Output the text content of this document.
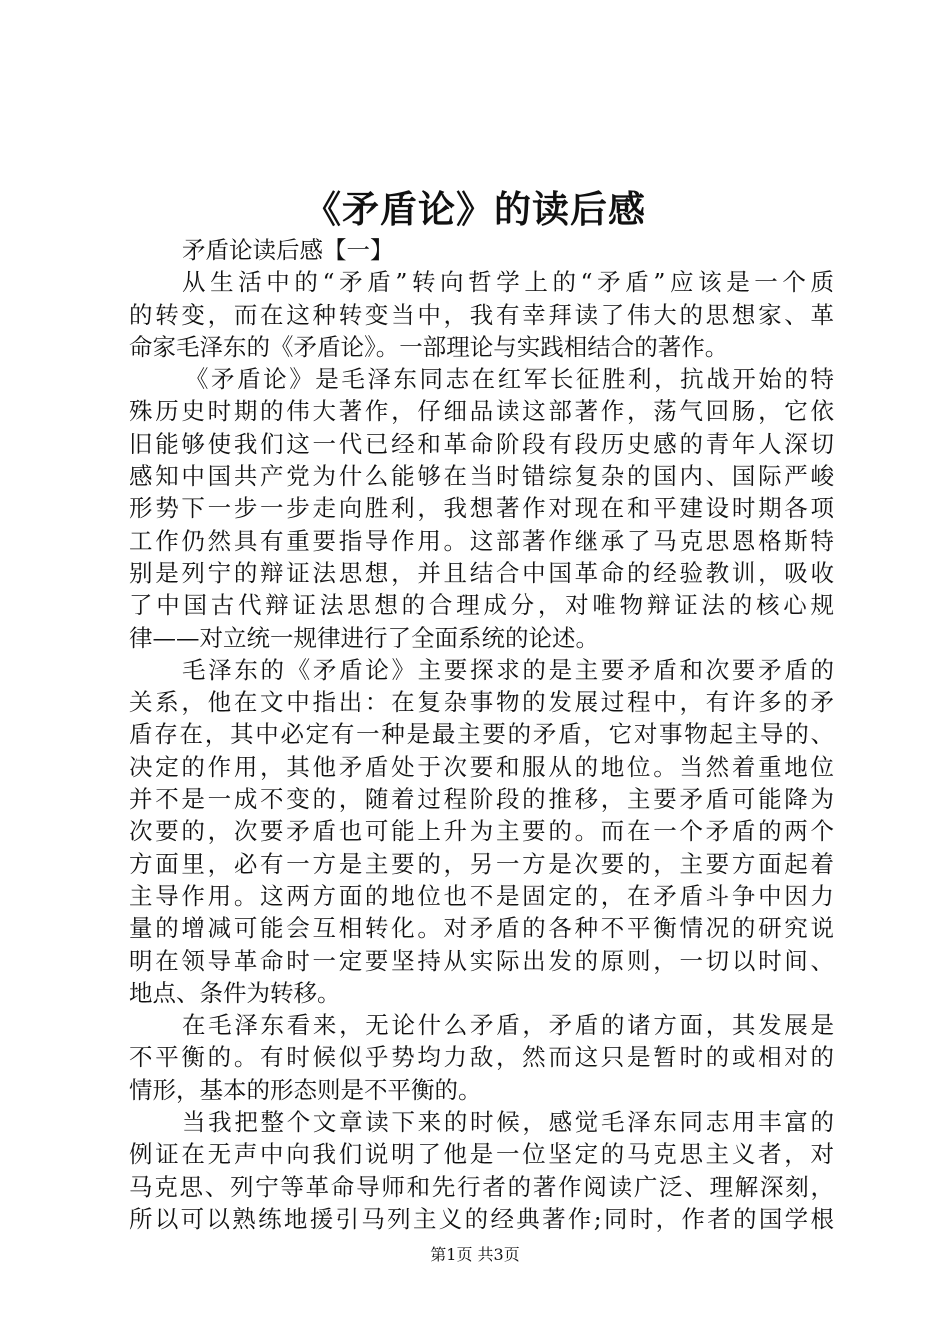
《矛盾论》的读后感
矛盾论读后感【一】
从生活中的“矛盾”转向哲学上的“矛盾”应该是一个质
的转变，而在这种转变当中，我有幸拜读了伟大的思想家、革
命家毛泽东的《矛盾论》。一部理论与实践相结合的著作。
《矛盾论》是毛泽东同志在红军长征胜利，抗战开始的特
殊历史时期的伟大著作，仔细品读这部著作，荡气回肠，它依
旧能够使我们这一代已经和革命阶段有段历史感的青年人深切
感知中国共产党为什么能够在当时错综复杂的国内、国际严峻
形势下一步一步走向胜利，我想著作对现在和平建设时期各项
工作仍然具有重要指导作用。这部著作继承了马克思恩格斯特
别是列宁的辩证法思想，并且结合中国革命的经验教训，吸收
了中国古代辩证法思想的合理成分，对唯物辩证法的核心规
律——对立统一规律进行了全面系统的论述。
毛泽东的《矛盾论》主要探求的是主要矛盾和次要矛盾的
关系，他在文中指出：在复杂事物的发展过程中，有许多的矛
盾存在，其中必定有一种是最主要的矛盾，它对事物起主导的、
决定的作用，其他矛盾处于次要和服从的地位。当然着重地位
并不是一成不变的，随着过程阶段的推移，主要矛盾可能降为
次要的，次要矛盾也可能上升为主要的。而在一个矛盾的两个
方面里，必有一方是主要的，另一方是次要的，主要方面起着
主导作用。这两方面的地位也不是固定的，在矛盾斗争中因力
量的增减可能会互相转化。对矛盾的各种不平衡情况的研究说
明在领导革命时一定要坚持从实际出发的原则，一切以时间、
地点、条件为转移。
在毛泽东看来，无论什么矛盾，矛盾的诸方面，其发展是
不平衡的。有时候似乎势均力敌，然而这只是暂时的或相对的
情形，基本的形态则是不平衡的。
当我把整个文章读下来的时候，感觉毛泽东同志用丰富的
例证在无声中向我们说明了他是一位坚定的马克思主义者，对
马克思、列宁等革命导师和先行者的著作阅读广泛、理解深刻，
所以可以熟练地援引马列主义的经典著作;同时，作者的国学根
第1页 共3页
